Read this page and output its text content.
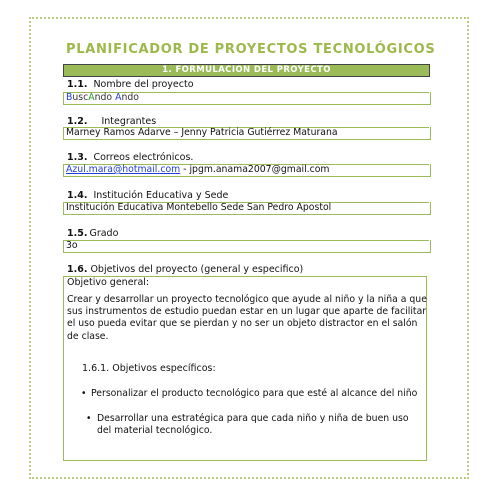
PLANIFICADOR DE PROYECTOS TECNOLÓGICOS
1. FORMULACION DEL PROYECTO
1.1. Nombre del proyecto
BuscAndo Ando
1.2. Integrantes
Marney Ramos Adarve – Jenny Patricia Gutiérrez Maturana
1.3. Correos electrónicos.
Azul.mara@hotmail.com - jpgm.anama2007@gmail.com
1.4. Institución Educativa y Sede
Institución Educativa Montebello Sede San Pedro Apostol
1.5. Grado
3o
1.6. Objetivos del proyecto (general y especifico)
Objetivo general:
Crear y desarrollar un proyecto tecnológico que ayude al niño y la niña a que sus instrumentos de estudio puedan estar en un lugar que aparte de facilitar el uso pueda evitar que se pierdan y no ser un objeto distractor en el salón de clase.
1.6.1. Objetivos específicos:
• Personalizar el producto tecnológico para que esté al alcance del niño
• Desarrollar una estratégica para que cada niño y niña de buen uso del material tecnológico.
